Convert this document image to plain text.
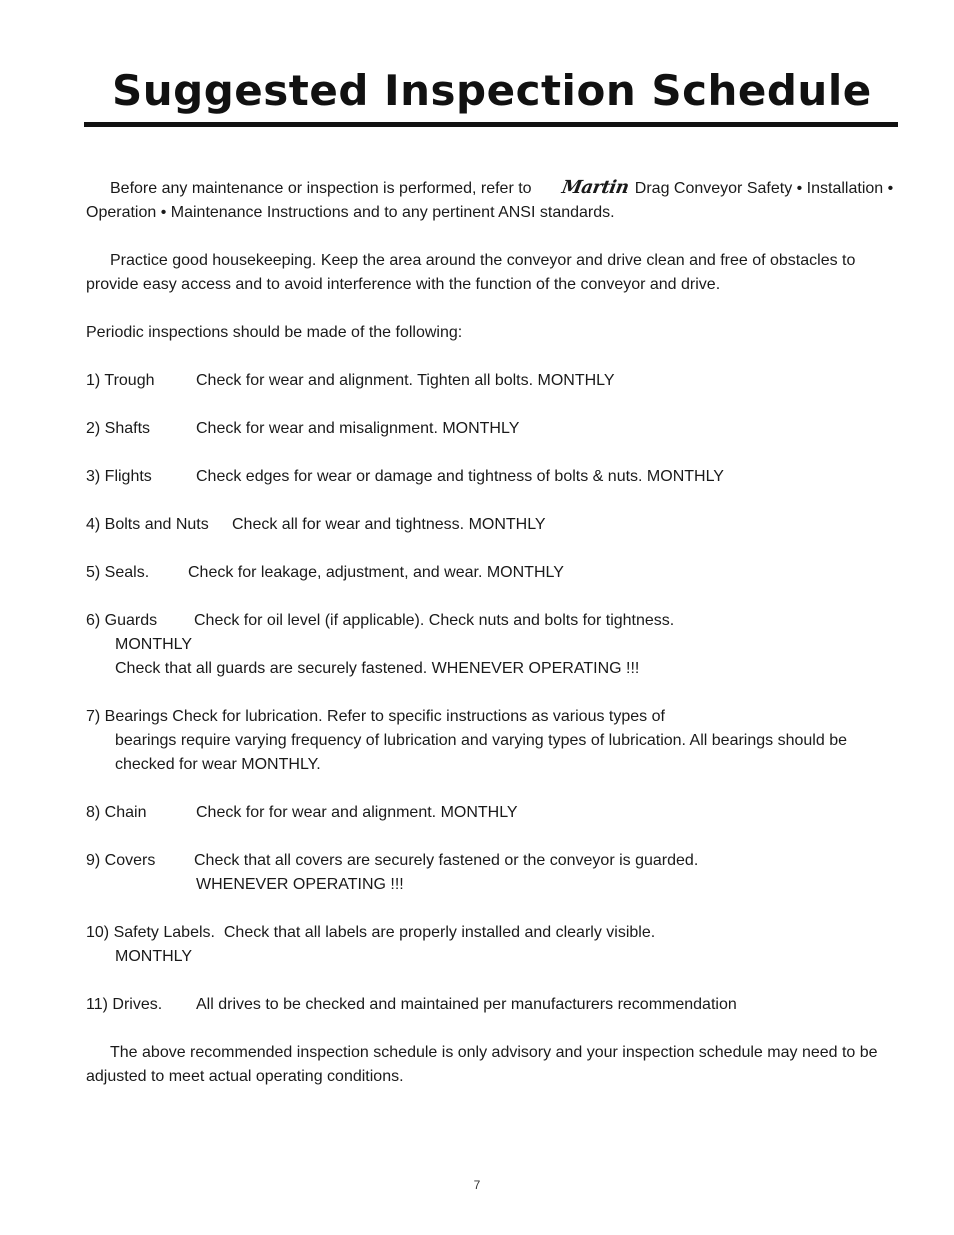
Suggested Inspection Schedule

Before any maintenance or inspection is performed, refer to Martin Drag Conveyor Safety • Installation • Operation • Maintenance Instructions and to any pertinent ANSI standards.

Practice good housekeeping. Keep the area around the conveyor and drive clean and free of obstacles to provide easy access and to avoid interference with the function of the conveyor and drive.

Periodic inspections should be made of the following:

1) Trough	Check for wear and alignment. Tighten all bolts. MONTHLY

2) Shafts	Check for wear and misalignment. MONTHLY

3) Flights	Check edges for wear or damage and tightness of bolts & nuts. MONTHLY

4) Bolts and Nuts Check all for wear and tightness. MONTHLY

5) Seals. Check for leakage, adjustment, and wear. MONTHLY

6) Guards Check for oil level (if applicable). Check nuts and bolts for tightness.

MONTHLY

Check that all guards are securely fastened. WHENEVER OPERATING !!!

7) Bearings Check for lubrication. Refer to specific instructions as various types of

bearings require varying frequency of lubrication and varying types of lubrication. All bearings should be

checked for wear MONTHLY.

8) Chain	Check for for wear and alignment. MONTHLY

9) Covers Check that all covers are securely fastened or the conveyor is guarded.

WHENEVER OPERATING !!!

10) Safety Labels. Check that all labels are properly installed and clearly visible.

MONTHLY

11) Drives. All drives to be checked and maintained per manufacturers recommendation

The above recommended inspection schedule is only advisory and your inspection schedule may need to be adjusted to meet actual operating conditions.

7
